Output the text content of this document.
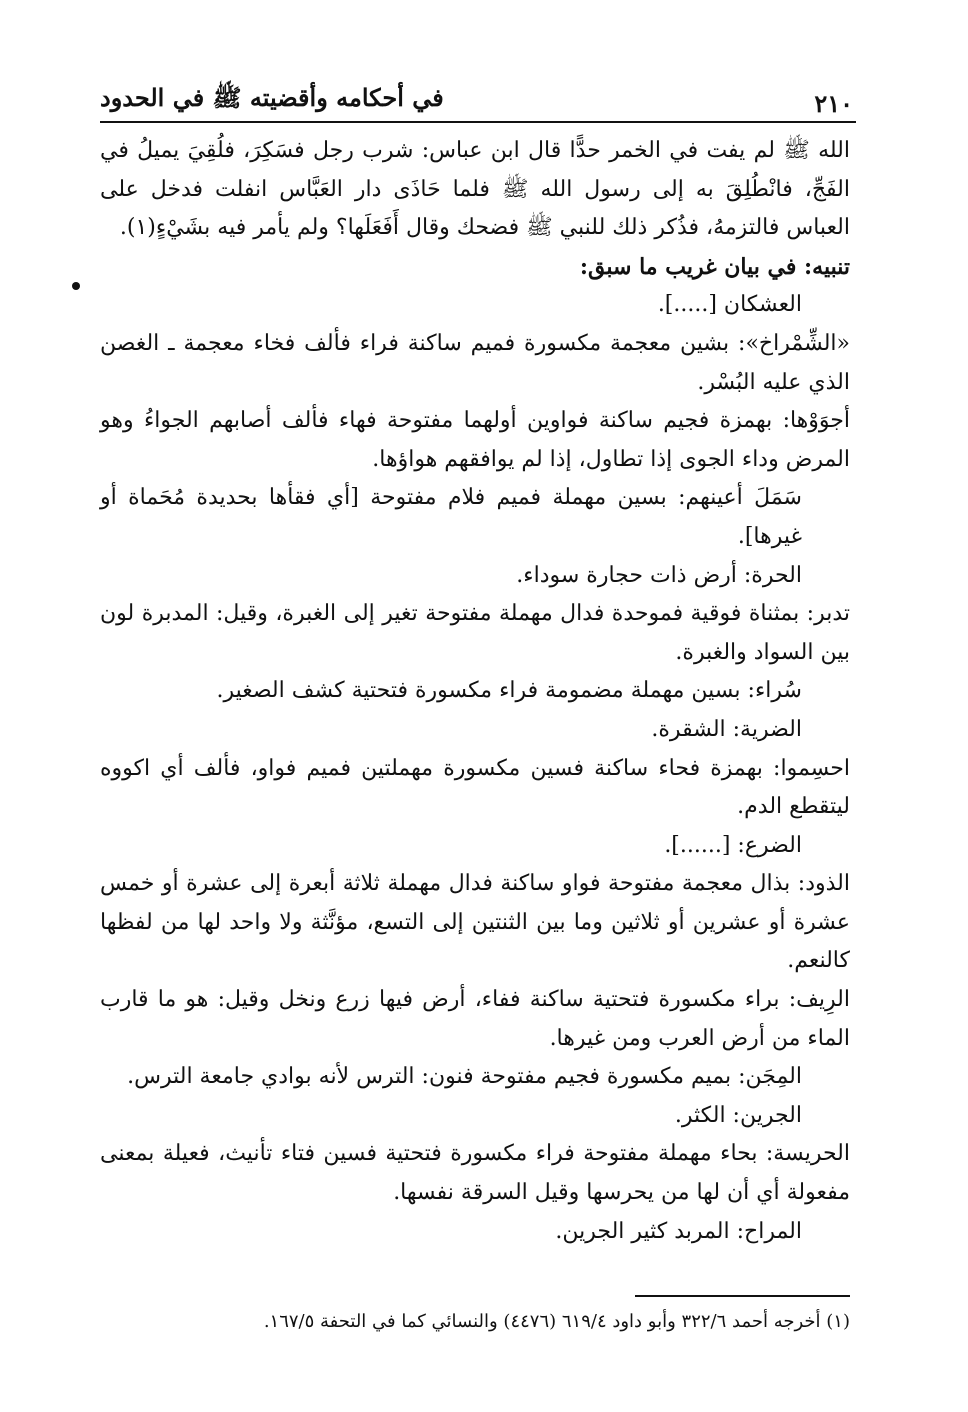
في أحكامه وأقضيته ﷺ في الحدود	٢١٠

الله ﷺ لم يفت في الخمر حدًّا قال ابن عباس: شرب رجل فسَكِرَ، فلُقِيَ يميلُ في الفَجِّ، فانْطُلِقَ به إلى رسول الله ﷺ فلما حَاذَى دار العَبَّاس انفلت فدخل على العباس فالتزمهُ، فذُكر ذلك للنبي ﷺ فضحك وقال أَفَعَلَها؟ ولم يأمر فيه بشَيْءٍ(١).

تنبيه: في بيان غريب ما سبق:

العشكان [.....].

«الشِّمْراخ»: بشين معجمة مكسورة فميم ساكنة فراء فألف فخاء معجمة ـ الغصن الذي عليه البُسْر.

أجوَوْها: بهمزة فجيم ساكنة فواوين أولهما مفتوحة فهاء فألف أصابهم الجواءُ وهو المرض وداء الجوى إذا تطاول، إذا لم يوافقهم هواؤها.

سَمَلَ أعينهم: بسين مهملة فميم فلام مفتوحة [أي فقأها بحديدة مُحَماة أو غيرها].

الحرة: أرض ذات حجارة سوداء.

تدبر: بمثناة فوقية فموحدة فدال مهملة مفتوحة تغير إلى الغبرة، وقيل: المدبرة لون بين السواد والغبرة.

سُراء: بسين مهملة مضمومة فراء مكسورة فتحتية كشف الصغير.

الضرية: الشقرة.

احسِموا: بهمزة فحاء ساكنة فسين مكسورة مهملتين فميم فواو، فألف أي اكووه ليتقطع الدم.

الضرع: [......].

الذود: بذال معجمة مفتوحة فواو ساكنة فدال مهملة ثلاثة أبعرة إلى عشرة أو خمس عشرة أو عشرين أو ثلاثين وما بين الثنتين إلى التسع، مؤنَّثة ولا واحد لها من لفظها كالنعم.

الرِيف: براء مكسورة فتحتية ساكنة ففاء، أرض فيها زرع ونخل وقيل: هو ما قارب الماء من أرض العرب ومن غيرها.

المِجَن: بميم مكسورة فجيم مفتوحة فنون: الترس لأنه بوادي جامعة الترس.

الجرين: الكثر.

الحريسة: بحاء مهملة مفتوحة فراء مكسورة فتحتية فسين فتاء تأنيث، فعيلة بمعنى مفعولة أي أن لها من يحرسها وقيل السرقة نفسها.

المراح: المربد كثير الجرين.

(١) أخرجه أحمد ٣٢٢/٦ وأبو داود ٦١٩/٤ (٤٤٧٦) والنسائي كما في التحفة ١٦٧/٥.
